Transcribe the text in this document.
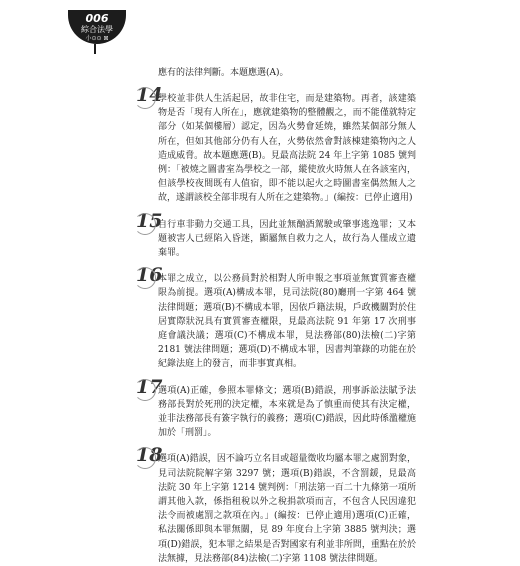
006
綜合法學
小⊙⊙ ⊠

應有的法律判斷。本題應選(A)。

14

學校並非供人生活起居，故非住宅，而是建築物。再者，該建築物是否「現有人所在」，應就建築物的整體觀之，而不能僅就特定部分（如某個樓層）認定，因為火勢會延燒，雖然某個部分無人所在，但如其他部分仍有人在，火勢依然會對該棟建築物內之人造成威脅。故本題應選(B)。見最高法院 24 年上字第 1085 號判例：「被燒之圖書室為學校之一部，縱使放火時無人在各該室內，但該學校夜間既有人值宿，即不能以起火之時圖書室偶然無人之故，遂謂該校全部非現有人所在之建築物。」(編按：已停止適用)

15

自行車非動力交通工具，因此並無酗酒駕駛或肇事逃逸罪；又本題被害人已經陷入昏迷，顯屬無自救力之人，故行為人僅成立遺棄罪。

16

本罪之成立，以公務員對於相對人所申報之事項並無實質審查權限為前提。選項(A)構成本罪，見司法院(80)廳刑一字第 464 號法律問題；選項(B)不構成本罪，因依戶籍法規，戶政機關對於住居實際狀況具有實質審查權限，見最高法院 91 年第 17 次刑事庭會議決議；選項(C)不構成本罪，見法務部(80)法檢(二)字第 2181 號法律問題；選項(D)不構成本罪，因書判筆錄的功能在於紀錄法庭上的發言，而非事實真相。

17

選項(A)正確，參照本罪條文；選項(B)錯誤，刑事訴訟法賦予法務部長對於死刑的決定權，本來就是為了慎重而使其有決定權，並非法務部長有簽字執行的義務；選項(C)錯誤，因此時係濫權施加於「刑罰」。

18

選項(A)錯誤，因不論巧立名目或超量徵收均屬本罪之處罰對象，見司法院院解字第 3297 號；選項(B)錯誤，不含罰鍰，見最高法院 30 年上字第 1214 號判例：「刑法第一百二十九條第一項所謂其他入款，係指租稅以外之稅捐款項而言，不包含人民因違犯法令而被處罰之款項在內。」(編按：已停止適用)選項(C)正確，私法關係即與本罪無關，見 89 年度台上字第 3885 號判決；選項(D)錯誤，犯本罪之結果是否對國家有利並非所問，重點在於於法無據，見法務部(84)法檢(二)字第 1108 號法律問題。
